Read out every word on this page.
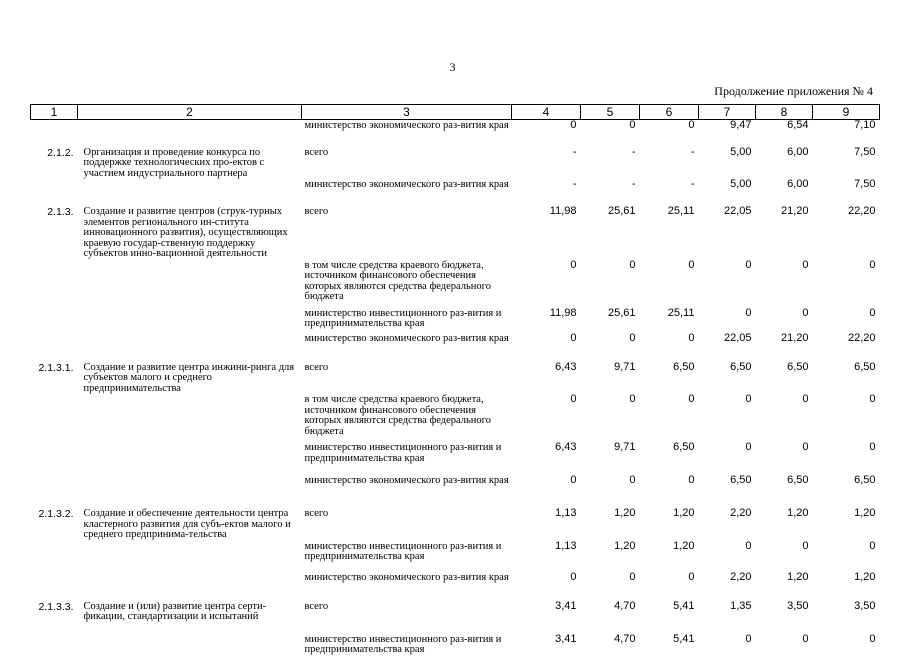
3
Продолжение приложения № 4
1	2	3	4	5	6	7	8	9
		министерство экономического раз-вития края	0	0	0	9,47	6,54	7,10

2.1.2.	Организация и проведение конкурса по поддержке технологических про-ектов с участием индустриального партнера	всего	-	-	-	5,00	6,00	7,50
		министерство экономического раз-вития края	-	-	-	5,00	6,00	7,50

2.1.3.	Создание и развитие центров (струк-турных элементов регионального ин-ститута инновационного развития), осуществляющих краевую государ-ственную поддержку субъектов инно-вационной деятельности	всего	11,98	25,61	25,11	22,05	21,20	22,20
		в том числе средства краевого бюджета, источником финансового обеспечения которых являются средства федерального бюджета	0	0	0	0	0	0
		министерство инвестиционного раз-вития и предпринимательства края	11,98	25,61	25,11	0	0	0
		министерство экономического раз-вития края	0	0	0	22,05	21,20	22,20

2.1.3.1.	Создание и развитие центра инжини-ринга для субъектов малого и среднего предпринимательства	всего	6,43	9,71	6,50	6,50	6,50	6,50
		в том числе средства краевого бюджета, источником финансового обеспечения которых являются средства федерального бюджета	0	0	0	0	0	0
		министерство инвестиционного раз-вития и предпринимательства края	6,43	9,71	6,50	0	0	0
		министерство экономического раз-вития края	0	0	0	6,50	6,50	6,50

2.1.3.2.	Создание и обеспечение деятельности центра кластерного развития для субъ-ектов малого и среднего предпринима-тельства	всего	1,13	1,20	1,20	2,20	1,20	1,20
		министерство инвестиционного раз-вития и предпринимательства края	1,13	1,20	1,20	0	0	0
		министерство экономического раз-вития края	0	0	0	2,20	1,20	1,20

2.1.3.3.	Создание и (или) развитие центра серти-фикации, стандартизации и испытаний	всего	3,41	4,70	5,41	1,35	3,50	3,50
		министерство инвестиционного раз-вития и предпринимательства края	3,41	4,70	5,41	0	0	0
